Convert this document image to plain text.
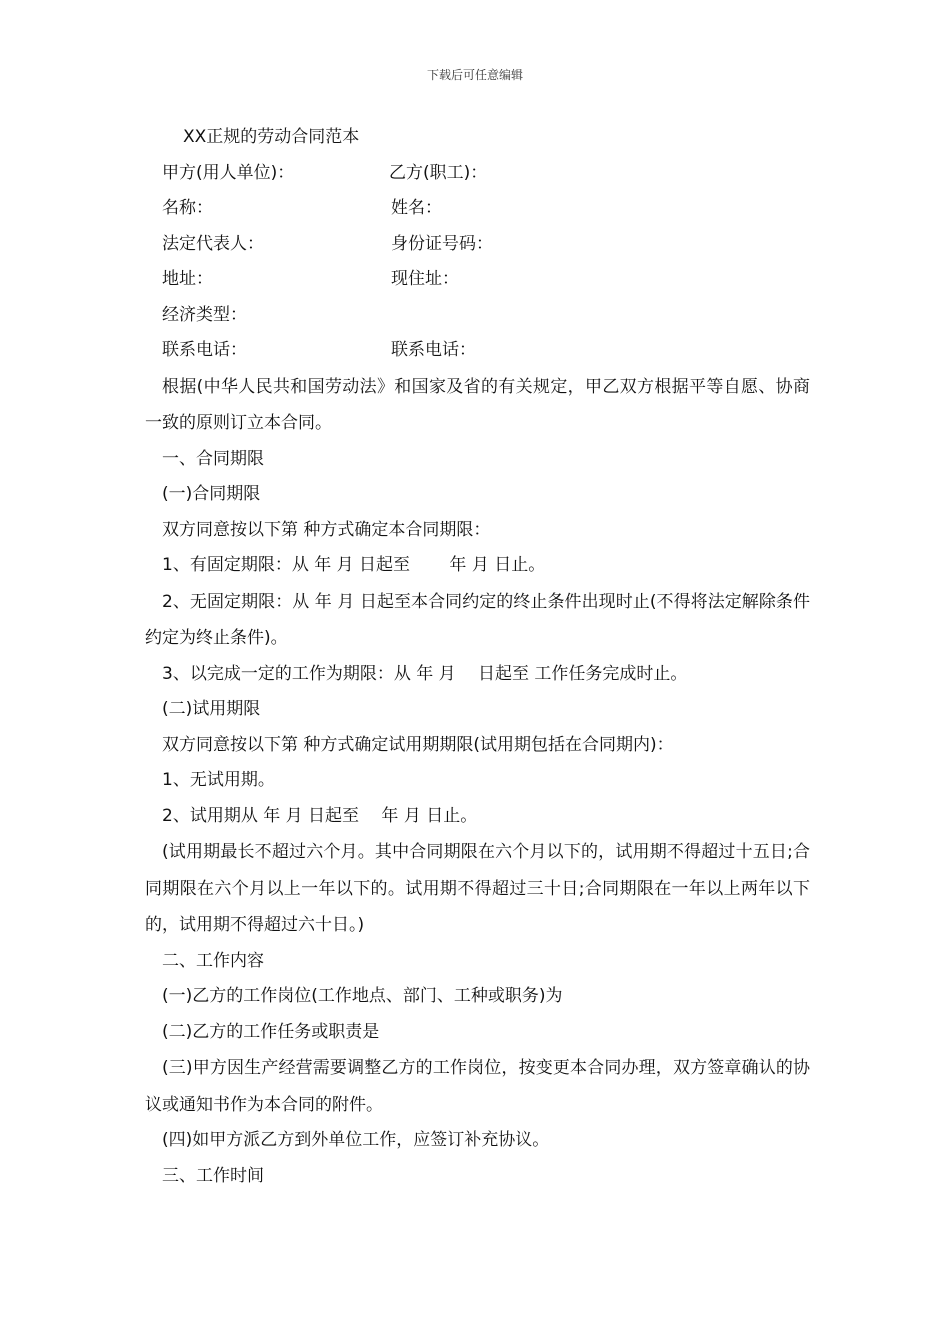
下载后可任意编辑
XX正规的劳动合同范本
甲方(用人单位)：	乙方(职工)：
名称：	姓名：
法定代表人：	身份证号码：
地址：	现住址：
经济类型：
联系电话：	联系电话：
根据(中华人民共和国劳动法》和国家及省的有关规定，甲乙双方根据平等自愿、协商一致的原则订立本合同。
一、合同期限
(一)合同期限
双方同意按以下第 种方式确定本合同期限：
1、有固定期限：从 年 月 日起至　　 年 月 日止。
2、无固定期限：从 年 月 日起至本合同约定的终止条件出现时止(不得将法定解除条件约定为终止条件)。
3、以完成一定的工作为期限：从 年 月　 日起至 工作任务完成时止。
(二)试用期限
双方同意按以下第 种方式确定试用期期限(试用期包括在合同期内)：
1、无试用期。
2、试用期从 年 月 日起至　 年 月 日止。
(试用期最长不超过六个月。其中合同期限在六个月以下的，试用期不得超过十五日;合同期限在六个月以上一年以下的。试用期不得超过三十日;合同期限在一年以上两年以下的，试用期不得超过六十日。)
二、工作内容
(一)乙方的工作岗位(工作地点、部门、工种或职务)为
(二)乙方的工作任务或职责是
(三)甲方因生产经营需要调整乙方的工作岗位，按变更本合同办理，双方签章确认的协议或通知书作为本合同的附件。
(四)如甲方派乙方到外单位工作，应签订补充协议。
三、工作时间
